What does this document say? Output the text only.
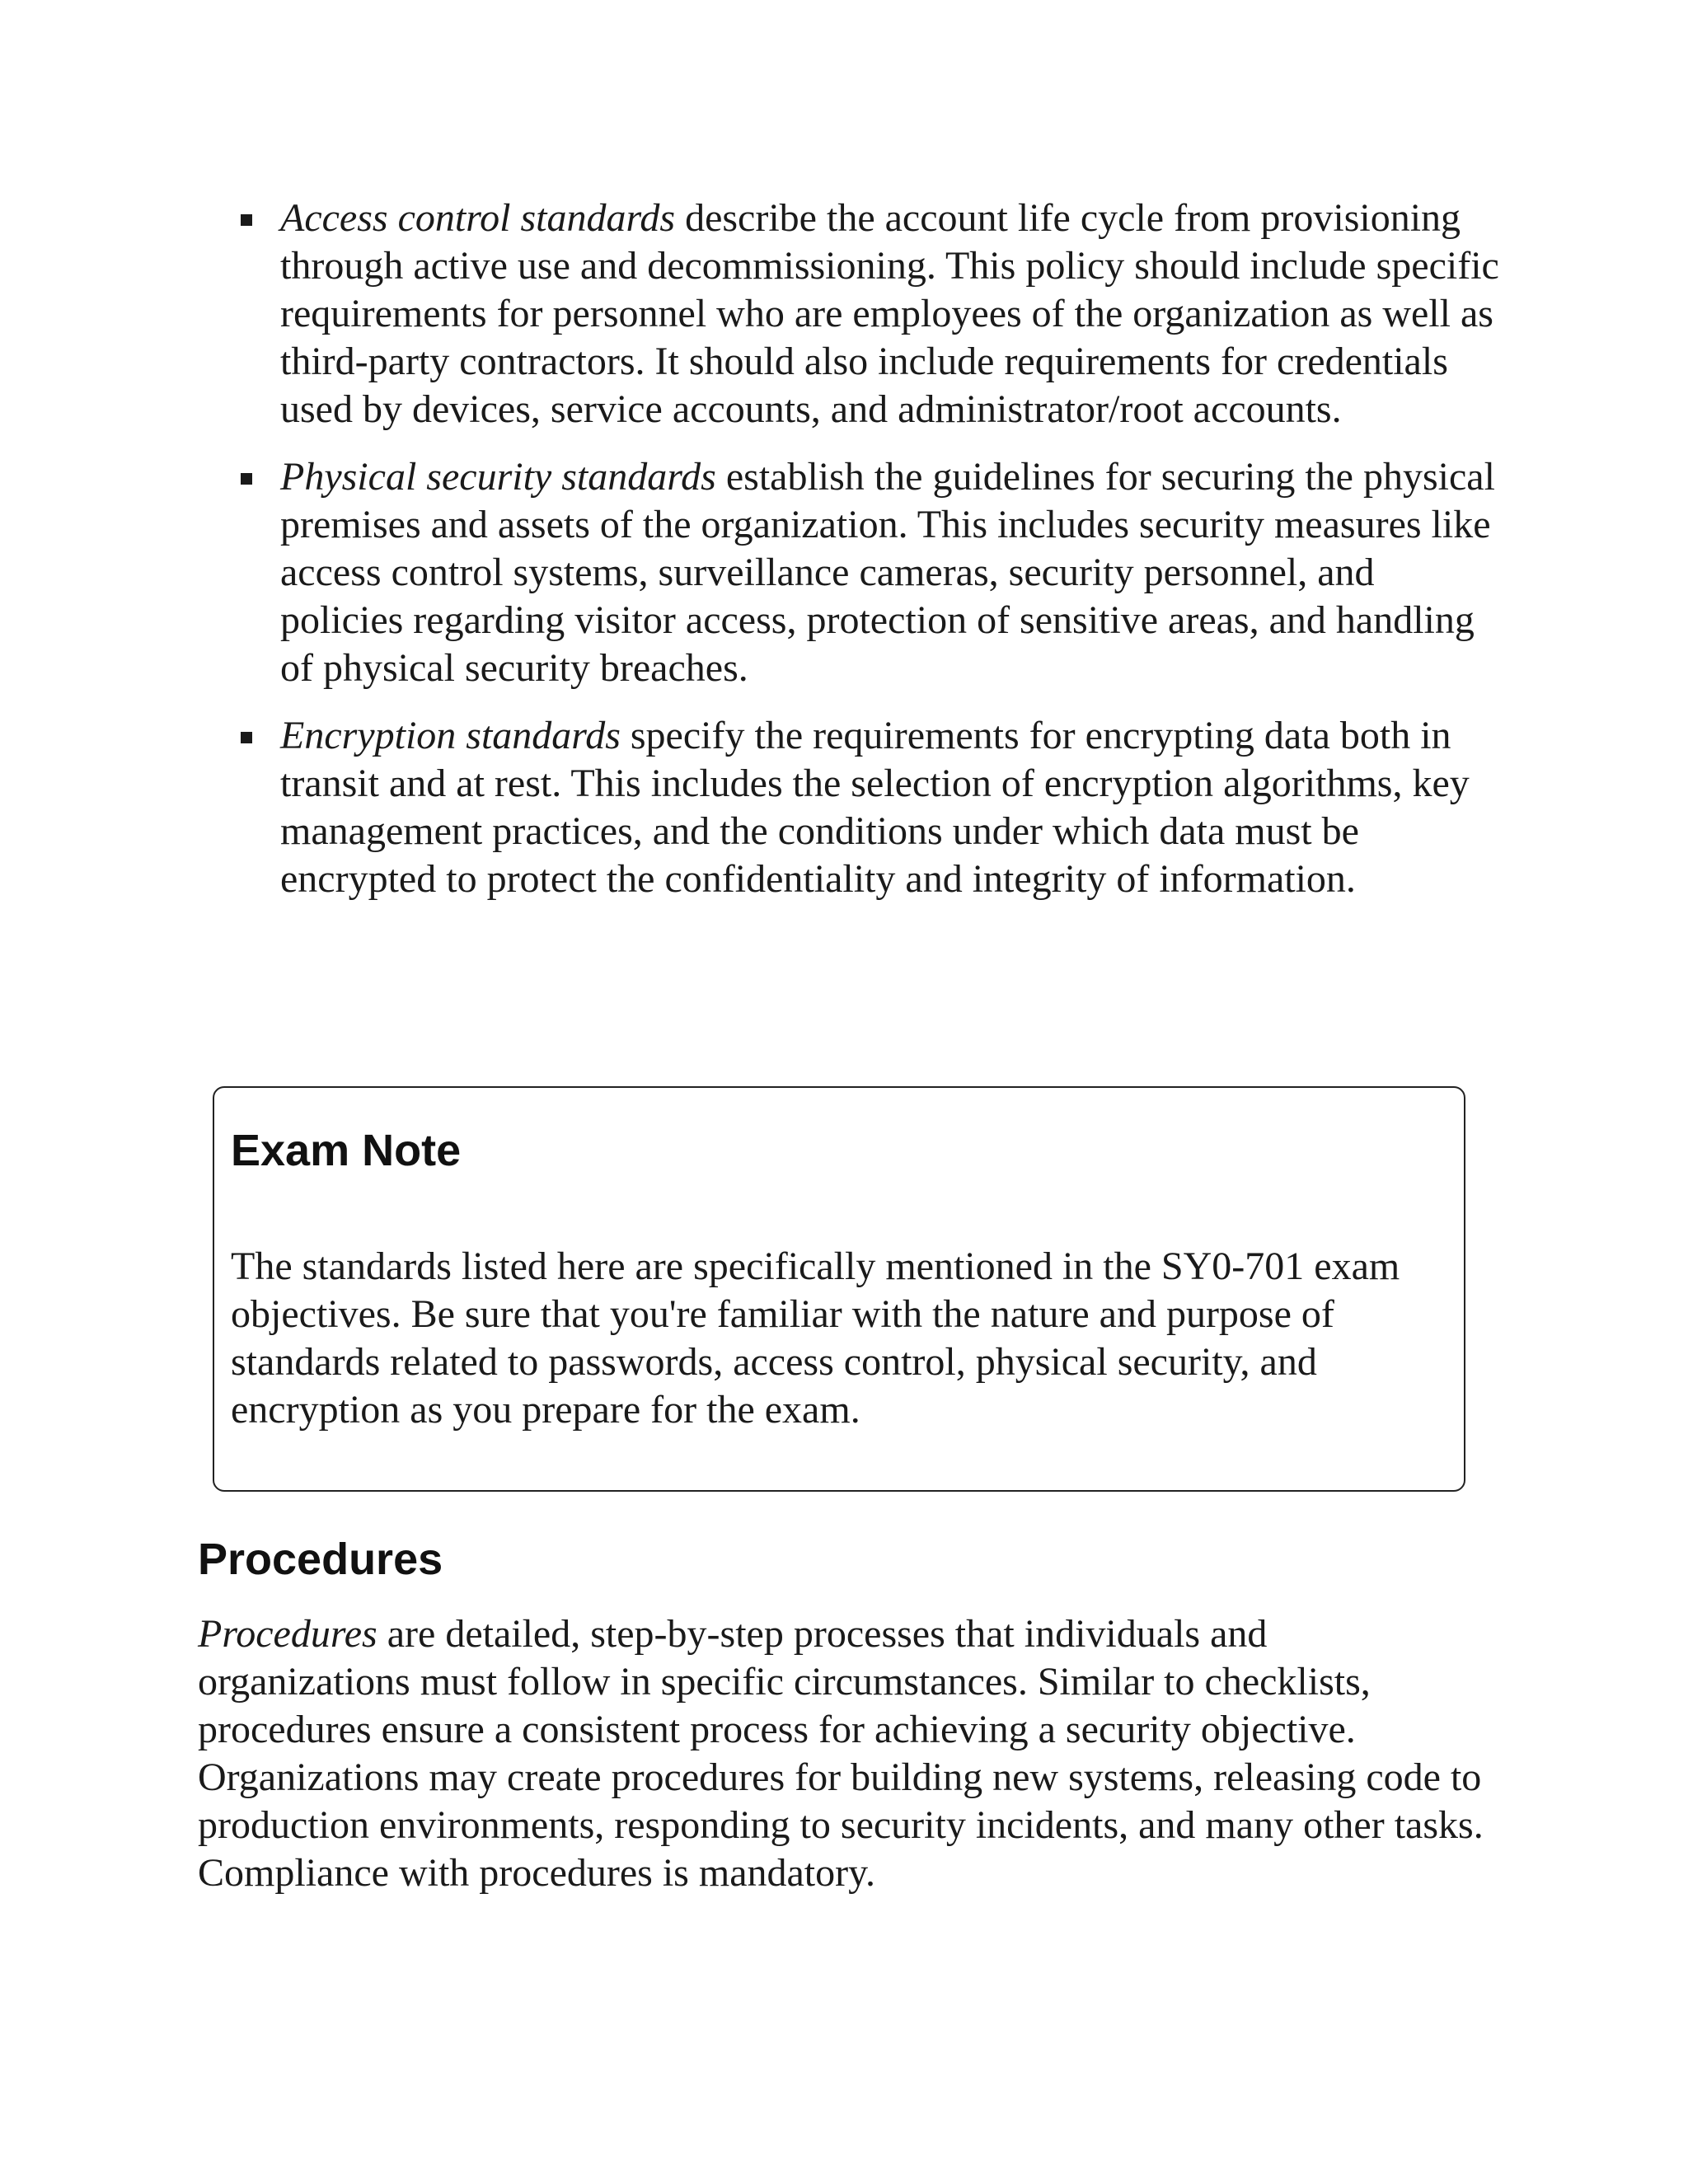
Access control standards describe the account life cycle from provisioning through active use and decommissioning. This policy should include specific requirements for personnel who are employees of the organization as well as third-party contractors. It should also include requirements for credentials used by devices, service accounts, and administrator/root accounts.
Physical security standards establish the guidelines for securing the physical premises and assets of the organization. This includes security measures like access control systems, surveillance cameras, security personnel, and policies regarding visitor access, protection of sensitive areas, and handling of physical security breaches.
Encryption standards specify the requirements for encrypting data both in transit and at rest. This includes the selection of encryption algorithms, key management practices, and the conditions under which data must be encrypted to protect the confidentiality and integrity of information.
Exam Note

The standards listed here are specifically mentioned in the SY0-701 exam objectives. Be sure that you're familiar with the nature and purpose of standards related to passwords, access control, physical security, and encryption as you prepare for the exam.

Procedures

Procedures are detailed, step-by-step processes that individuals and organizations must follow in specific circumstances. Similar to checklists, procedures ensure a consistent process for achieving a security objective. Organizations may create procedures for building new systems, releasing code to production environments, responding to security incidents, and many other tasks. Compliance with procedures is mandatory.
